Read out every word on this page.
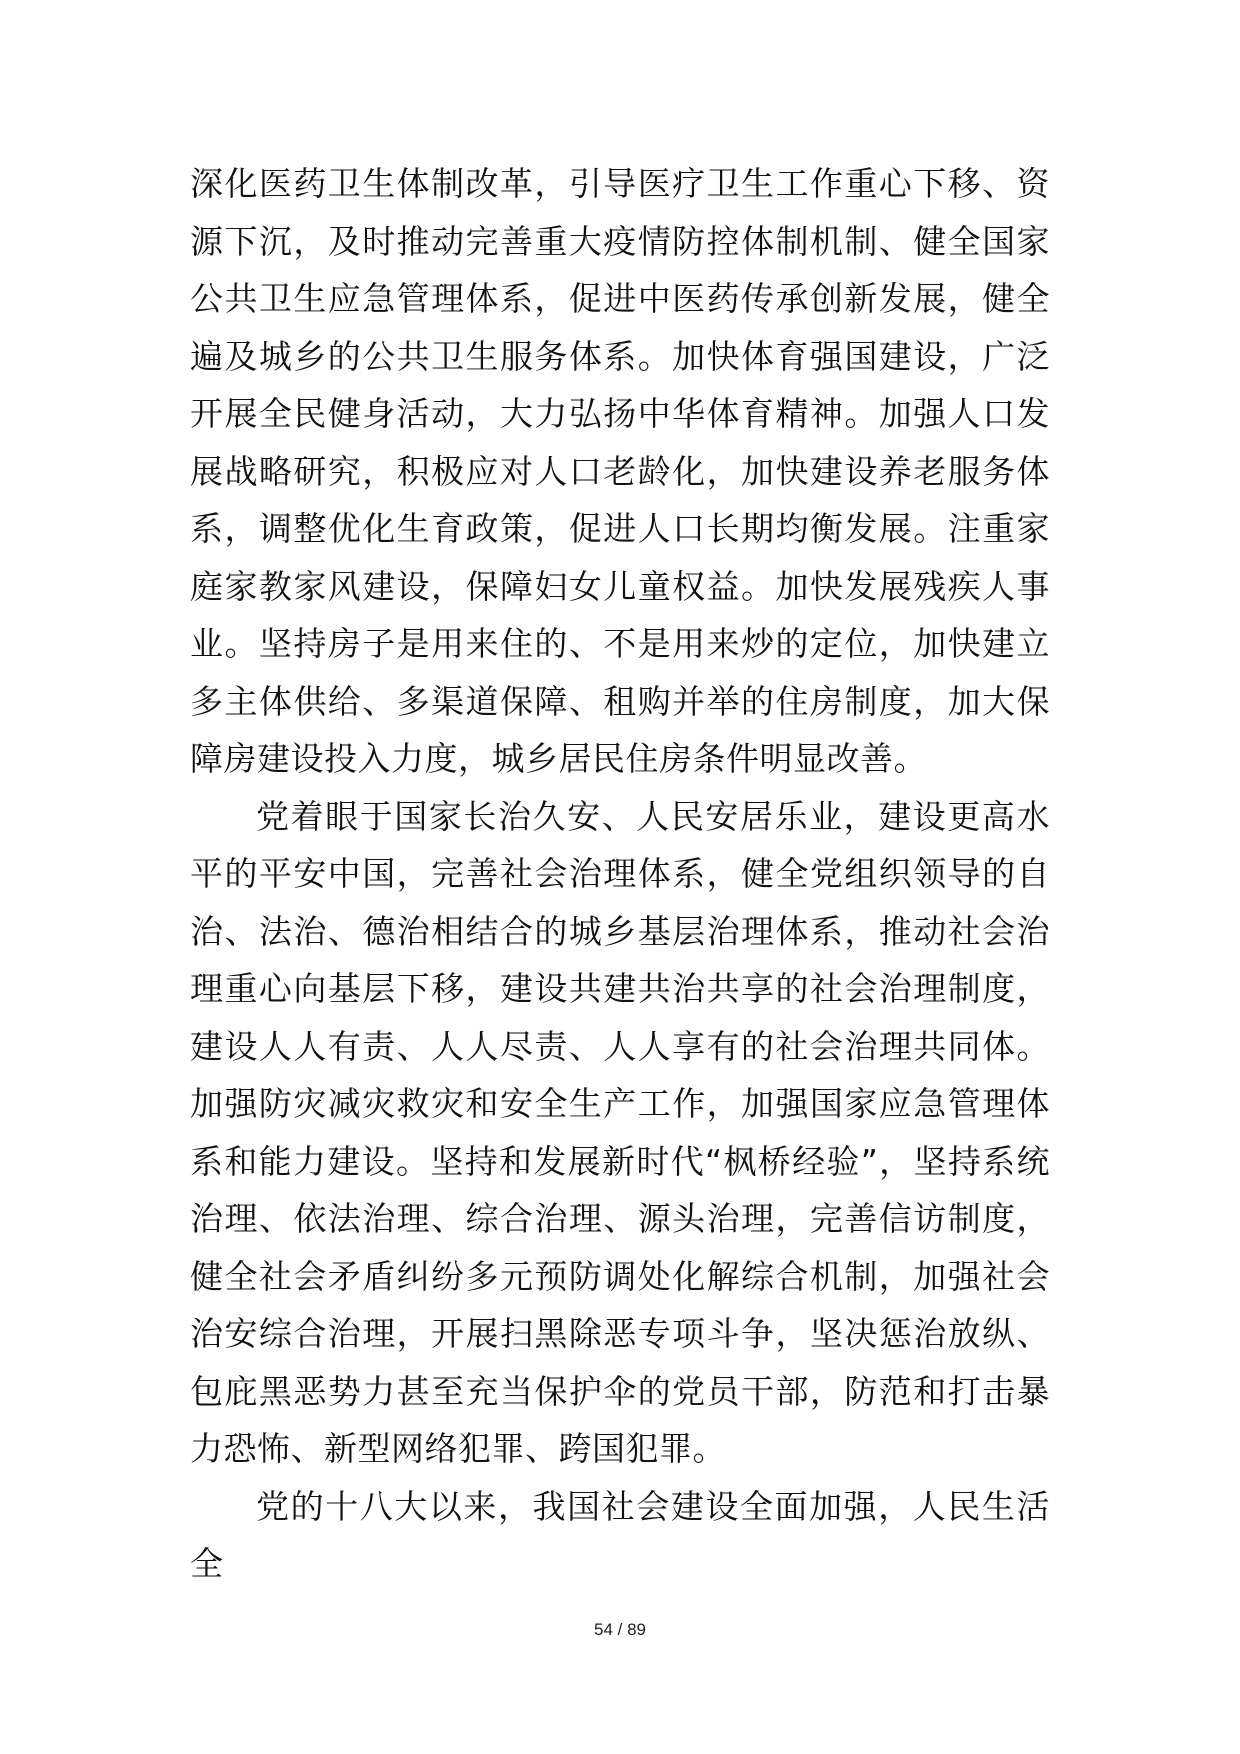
深化医药卫生体制改革，引导医疗卫生工作重心下移、资源下沉，及时推动完善重大疫情防控体制机制、健全国家公共卫生应急管理体系，促进中医药传承创新发展，健全遍及城乡的公共卫生服务体系。加快体育强国建设，广泛开展全民健身活动，大力弘扬中华体育精神。加强人口发展战略研究，积极应对人口老龄化，加快建设养老服务体系，调整优化生育政策，促进人口长期均衡发展。注重家庭家教家风建设，保障妇女儿童权益。加快发展残疾人事业。坚持房子是用来住的、不是用来炒的定位，加快建立多主体供给、多渠道保障、租购并举的住房制度，加大保障房建设投入力度，城乡居民住房条件明显改善。

党着眼于国家长治久安、人民安居乐业，建设更高水平的平安中国，完善社会治理体系，健全党组织领导的自治、法治、德治相结合的城乡基层治理体系，推动社会治理重心向基层下移，建设共建共治共享的社会治理制度，建设人人有责、人人尽责、人人享有的社会治理共同体。加强防灾减灾救灾和安全生产工作，加强国家应急管理体系和能力建设。坚持和发展新时代“枫桥经验”，坚持系统治理、依法治理、综合治理、源头治理，完善信访制度，健全社会矛盾纠纷多元预防调处化解综合机制，加强社会治安综合治理，开展扫黑除恶专项斗争，坚决惩治放纵、包庇黑恶势力甚至充当保护伞的党员干部，防范和打击暴力恐怖、新型网络犯罪、跨国犯罪。

党的十八大以来，我国社会建设全面加强，人民生活全

54 / 89
